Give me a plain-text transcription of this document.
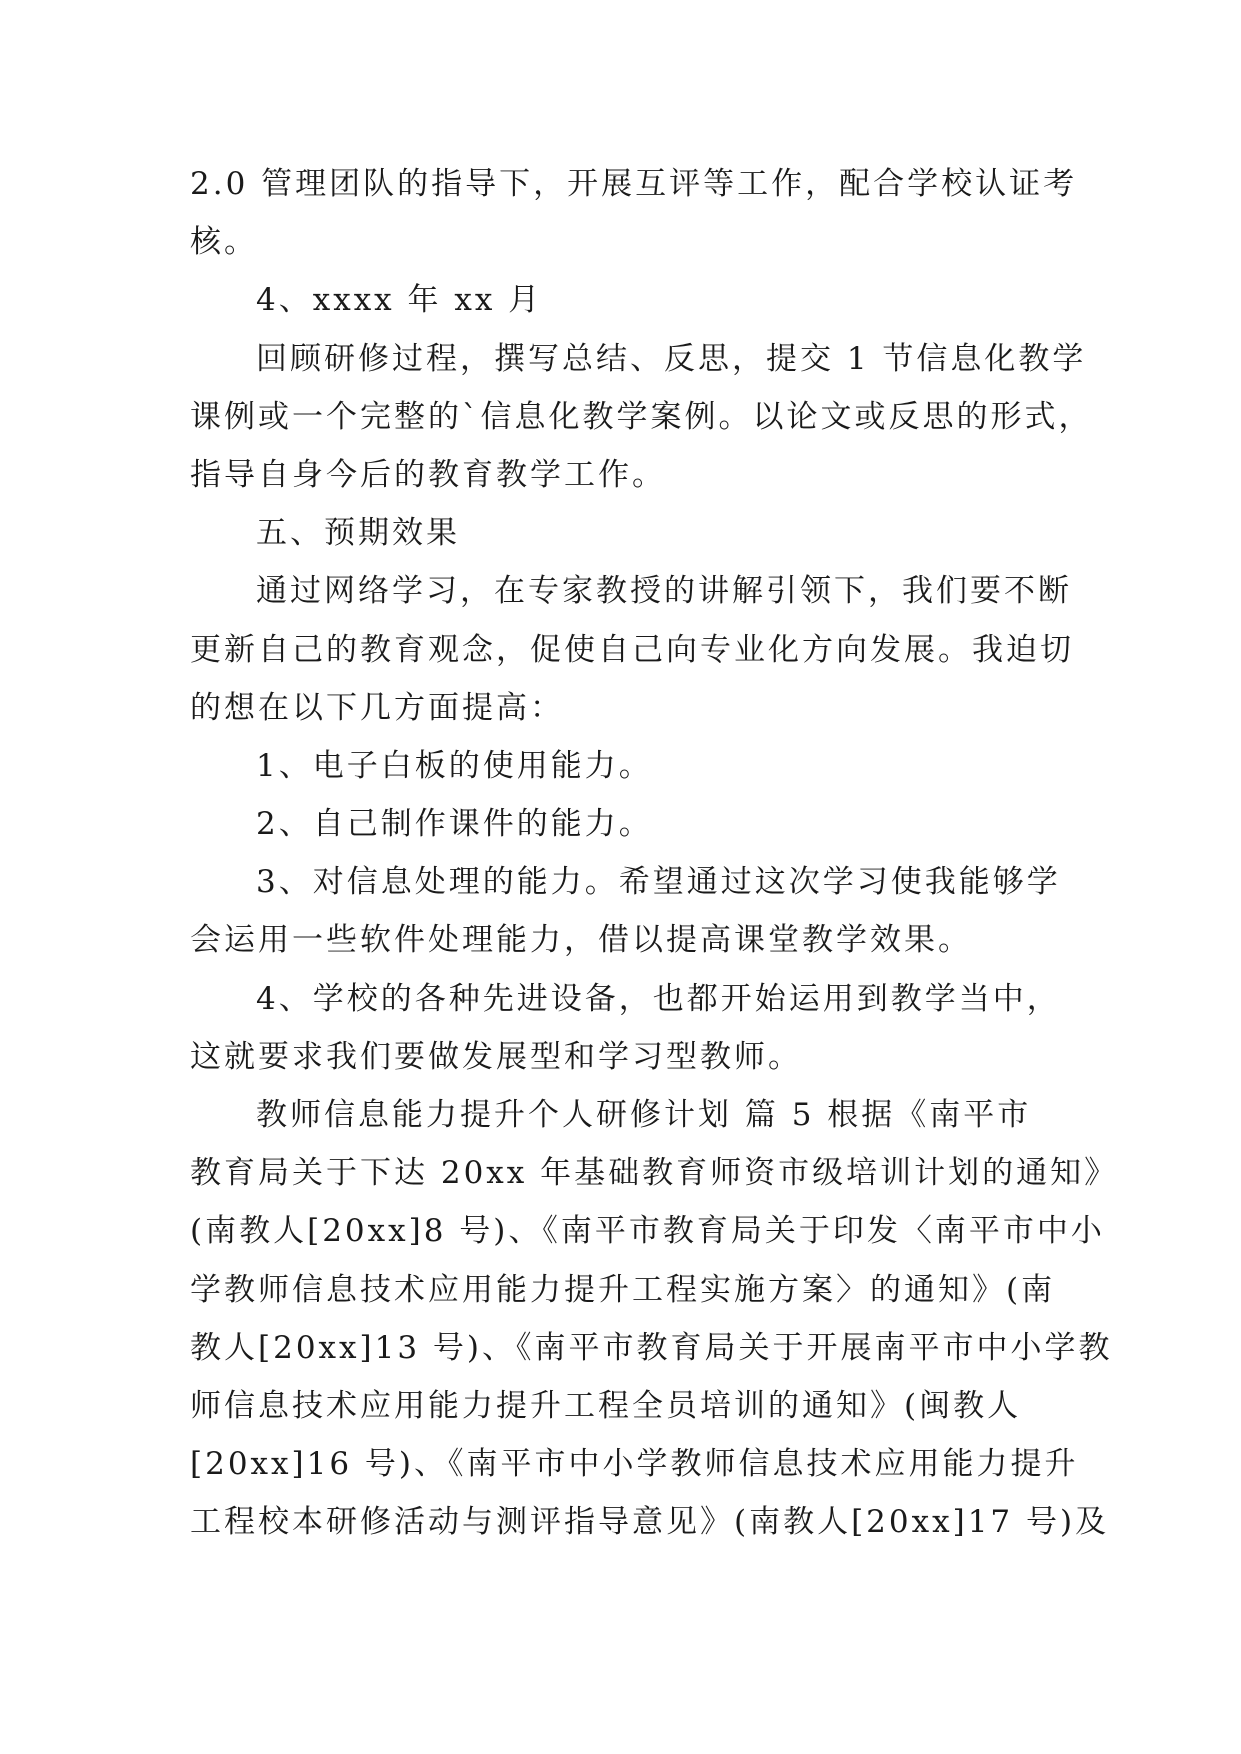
2.0 管理团队的指导下，开展互评等工作，配合学校认证考
核。
4、xxxx 年 xx 月
回顾研修过程，撰写总结、反思，提交 1 节信息化教学
课例或一个完整的`信息化教学案例。以论文或反思的形式，
指导自身今后的教育教学工作。
五、预期效果
通过网络学习，在专家教授的讲解引领下，我们要不断
更新自己的教育观念，促使自己向专业化方向发展。我迫切
的想在以下几方面提高：
1、电子白板的使用能力。
2、自己制作课件的能力。
3、对信息处理的能力。希望通过这次学习使我能够学
会运用一些软件处理能力，借以提高课堂教学效果。
4、学校的各种先进设备，也都开始运用到教学当中，
这就要求我们要做发展型和学习型教师。
教师信息能力提升个人研修计划 篇 5 根据《南平市
教育局关于下达 20xx 年基础教育师资市级培训计划的通知》
(南教人[20xx]8 号)、《南平市教育局关于印发〈南平市中小
学教师信息技术应用能力提升工程实施方案〉的通知》(南
教人[20xx]13 号)、《南平市教育局关于开展南平市中小学教
师信息技术应用能力提升工程全员培训的通知》(闽教人
[20xx]16 号)、《南平市中小学教师信息技术应用能力提升
工程校本研修活动与测评指导意见》(南教人[20xx]17 号)及
